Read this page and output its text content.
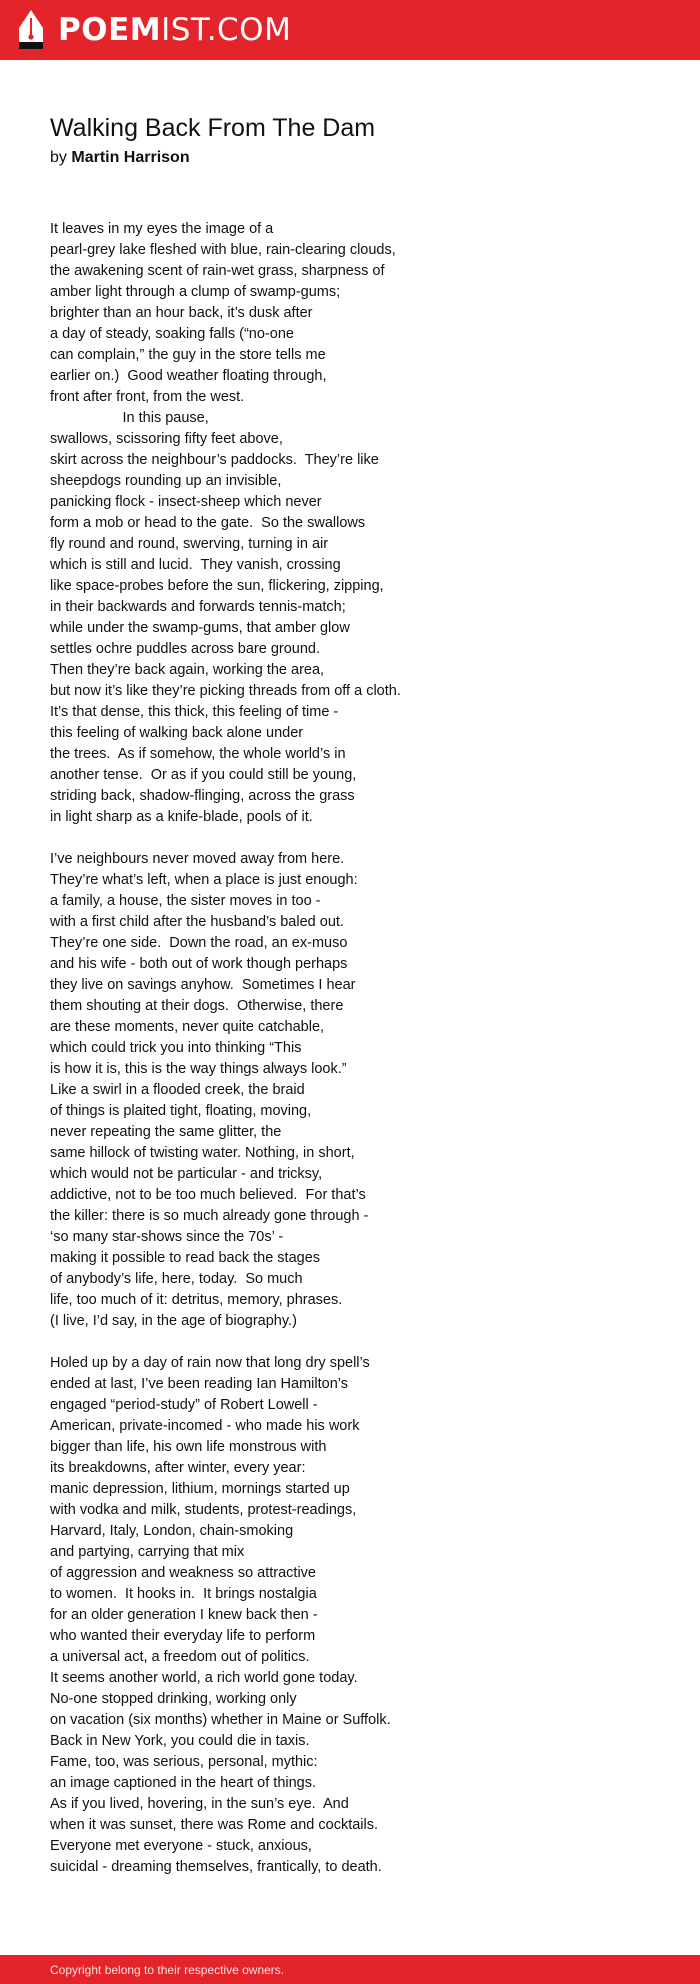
POEMIST.COM
Walking Back From The Dam
by Martin Harrison
It leaves in my eyes the image of a
pearl-grey lake fleshed with blue, rain-clearing clouds,
the awakening scent of rain-wet grass, sharpness of
amber light through a clump of swamp-gums;
brighter than an hour back, it’s dusk after
a day of steady, soaking falls (“no-one
can complain,” the guy in the store tells me
earlier on.)  Good weather floating through,
front after front, from the west.
In this pause,
swallows, scissoring fifty feet above,
skirt across the neighbour’s paddocks.  They’re like
sheepdogs rounding up an invisible,
panicking flock - insect-sheep which never
form a mob or head to the gate.  So the swallows
fly round and round, swerving, turning in air
which is still and lucid.  They vanish, crossing
like space-probes before the sun, flickering, zipping,
in their backwards and forwards tennis-match;
while under the swamp-gums, that amber glow
settles ochre puddles across bare ground.
Then they’re back again, working the area,
but now it’s like they’re picking threads from off a cloth.
It’s that dense, this thick, this feeling of time -
this feeling of walking back alone under
the trees.  As if somehow, the whole world’s in
another tense.  Or as if you could still be young,
striding back, shadow-flinging, across the grass
in light sharp as a knife-blade, pools of it.
I’ve neighbours never moved away from here.
They’re what’s left, when a place is just enough:
a family, a house, the sister moves in too -
with a first child after the husband’s baled out.
They’re one side.  Down the road, an ex-muso
and his wife - both out of work though perhaps
they live on savings anyhow.  Sometimes I hear
them shouting at their dogs.  Otherwise, there
are these moments, never quite catchable,
which could trick you into thinking “This
is how it is, this is the way things always look.”
Like a swirl in a flooded creek, the braid
of things is plaited tight, floating, moving,
never repeating the same glitter, the
same hillock of twisting water. Nothing, in short,
which would not be particular - and tricksy,
addictive, not to be too much believed.  For that’s
the killer: there is so much already gone through -
‘so many star-shows since the 70s’ -
making it possible to read back the stages
of anybody’s life, here, today.  So much
life, too much of it: detritus, memory, phrases.
(I live, I’d say, in the age of biography.)
Holed up by a day of rain now that long dry spell’s
ended at last, I’ve been reading Ian Hamilton’s
engaged “period-study” of Robert Lowell -
American, private-incomed - who made his work
bigger than life, his own life monstrous with
its breakdowns, after winter, every year:
manic depression, lithium, mornings started up
with vodka and milk, students, protest-readings,
Harvard, Italy, London, chain-smoking
and partying, carrying that mix
of aggression and weakness so attractive
to women.  It hooks in.  It brings nostalgia
for an older generation I knew back then -
who wanted their everyday life to perform
a universal act, a freedom out of politics.
It seems another world, a rich world gone today.
No-one stopped drinking, working only
on vacation (six months) whether in Maine or Suffolk.
Back in New York, you could die in taxis.
Fame, too, was serious, personal, mythic:
an image captioned in the heart of things.
As if you lived, hovering, in the sun’s eye.  And
when it was sunset, there was Rome and cocktails.
Everyone met everyone - stuck, anxious,
suicidal - dreaming themselves, frantically, to death.
Copyright belong to their respective owners.
